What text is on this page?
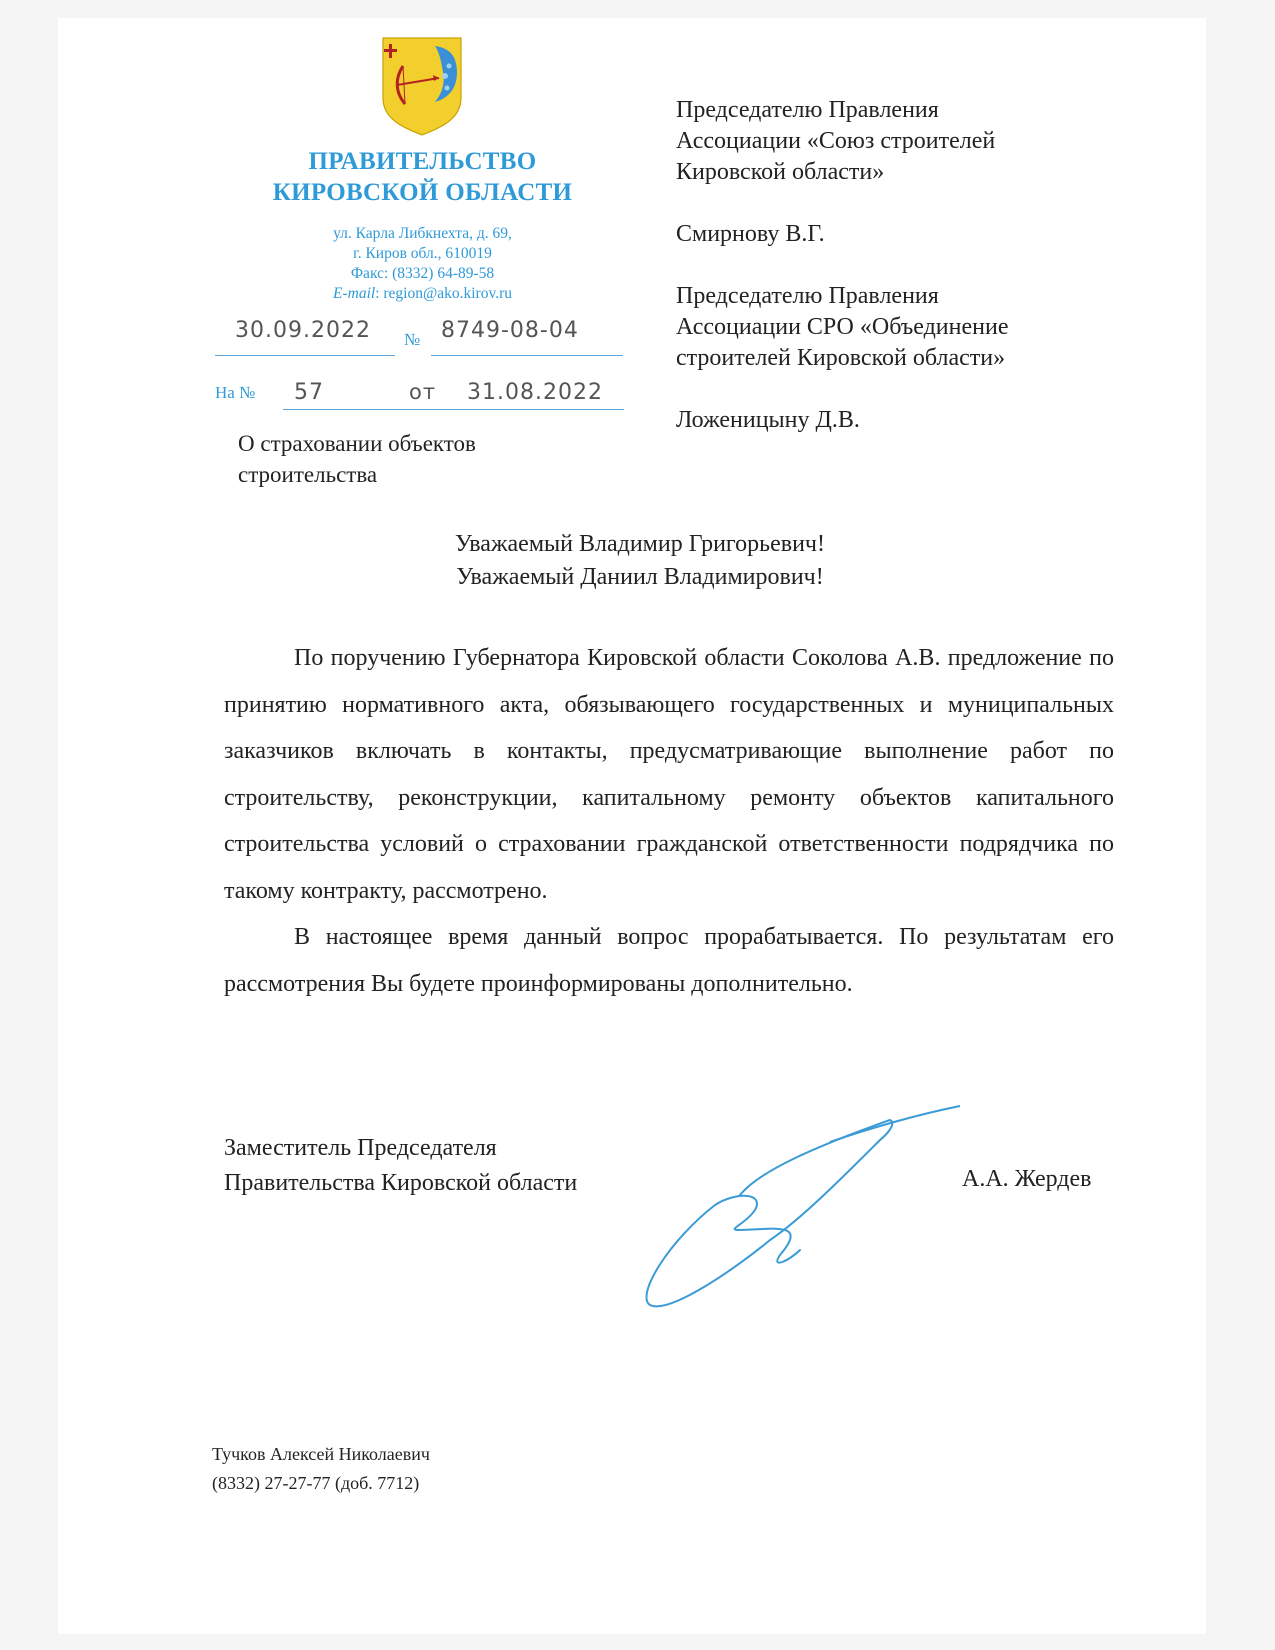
ПРАВИТЕЛЬСТВО
КИРОВСКОЙ ОБЛАСТИ
ул. Карла Либкнехта, д. 69,
г. Киров обл., 610019
Факс: (8332) 64-89-58
E-mail: region@ako.kirov.ru
30.09.2022 № 8749-08-04
На № 57	от 31.08.2022
О страховании объектов
строительства

Председателю Правления
Ассоциации «Союз строителей
Кировской области»

Смирнову В.Г.

Председателю Правления
Ассоциации СРО «Объединение
строителей Кировской области»

Ложеницыну Д.В.

Уважаемый Владимир Григорьевич!
Уважаемый Даниил Владимирович!

По поручению Губернатора Кировской области Соколова А.В. предложение по принятию нормативного акта, обязывающего государственных и муниципальных заказчиков включать в контакты, предусматривающие выполнение работ по строительству, реконструкции, капитальному ремонту объектов капитального строительства условий о страховании гражданской ответственности подрядчика по такому контракту, рассмотрено.

В настоящее время данный вопрос прорабатывается. По результатам его рассмотрения Вы будете проинформированы дополнительно.

Заместитель Председателя
Правительства Кировской области	А.А. Жердев
Тучков Алексей Николаевич
(8332) 27-27-77 (доб. 7712)
